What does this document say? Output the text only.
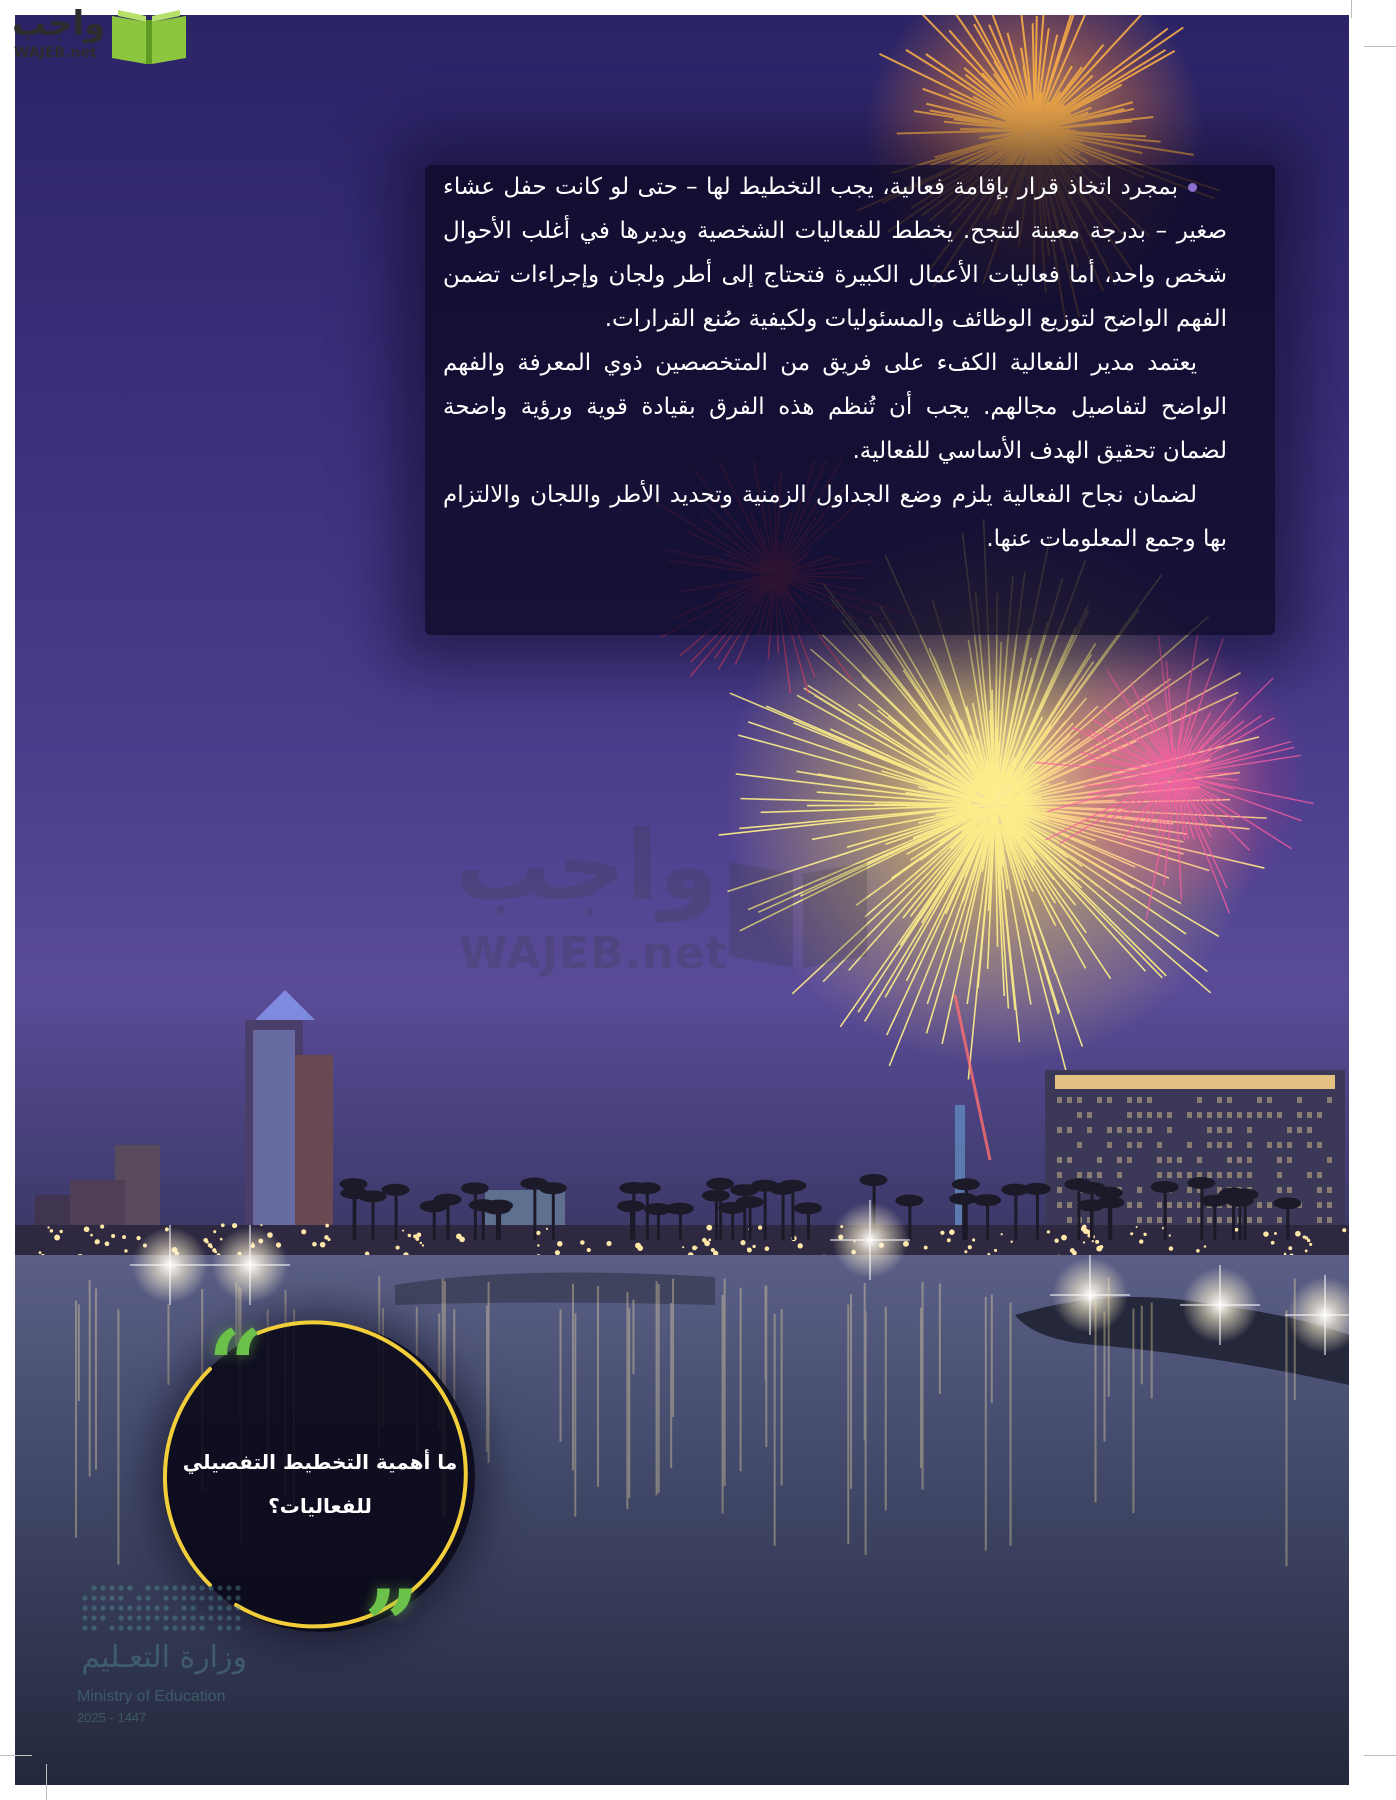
واجب
WAJEB.net

بمجرد اتخاذ قرار بإقامة فعالية، يجب التخطيط لها – حتى لو كانت حفل عشاء صغير – بدرجة معينة لتنجح. يخطط للفعاليات الشخصية ويديرها في أغلب الأحوال شخص واحد، أما فعاليات الأعمال الكبيرة فتحتاج إلى أطر ولجان وإجراءات تضمن الفهم الواضح لتوزيع الوظائف والمسئوليات ولكيفية صُنع القرارات.

يعتمد مدير الفعالية الكفء على فريق من المتخصصين ذوي المعرفة والفهم الواضح لتفاصيل مجالهم. يجب أن تُنظم هذه الفرق بقيادة قوية ورؤية واضحة لضمان تحقيق الهدف الأساسي للفعالية.

لضمان نجاح الفعالية يلزم وضع الجداول الزمنية وتحديد الأطر واللجان والالتزام بها وجمع المعلومات عنها.

واجب
WAJEB.net
“
”
ما أهمية التخطيط التفصيلي للفعاليات؟
وزارة التعـليم
Ministry of Education
2025 - 1447
